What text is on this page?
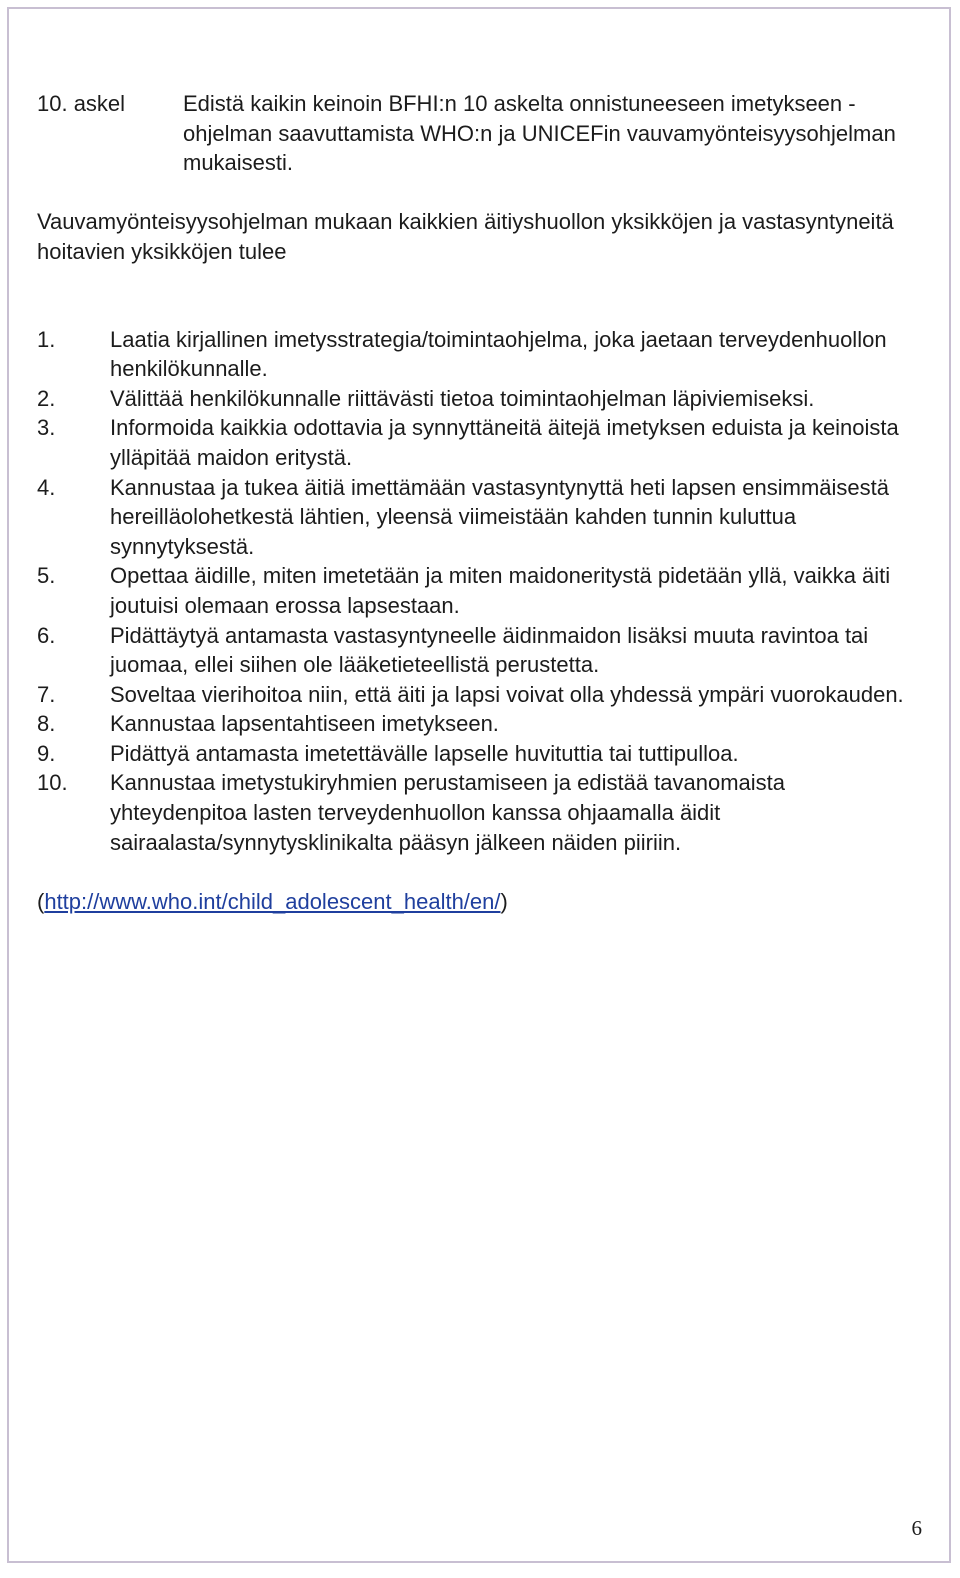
10. askel	Edistä kaikin keinoin BFHI:n 10 askelta onnistuneeseen imetykseen -ohjelman saavuttamista WHO:n ja UNICEFin vauvamyönteisyysohjelman mukaisesti.
Vauvamyönteisyysohjelman mukaan kaikkien äitiyshuollon yksikköjen ja vastasyntyneitä hoitavien yksikköjen tulee
1.	Laatia kirjallinen imetysstrategia/toimintaohjelma, joka jaetaan terveydenhuollon henkilökunnalle.
2.	Välittää henkilökunnalle riittävästi tietoa toimintaohjelman läpiviemiseksi.
3.	Informoida kaikkia odottavia ja synnyttäneitä äitejä imetyksen eduista ja keinoista ylläpitää maidon eritystä.
4.	Kannustaa ja tukea äitiä imettämään vastasyntynyttä heti lapsen ensimmäisestä hereilläolohetkestä lähtien, yleensä viimeistään kahden tunnin kuluttua synnytyksestä.
5.	Opettaa äidille, miten imetetään ja miten maidoneritystä pidetään yllä, vaikka äiti joutuisi olemaan erossa lapsestaan.
6.	Pidättäytyä antamasta vastasyntyneelle äidinmaidon lisäksi muuta ravintoa tai juomaa, ellei siihen ole lääketieteellistä perustetta.
7.	Soveltaa vierihoitoa niin, että äiti ja lapsi voivat olla yhdessä ympäri vuorokauden.
8.	Kannustaa lapsentahtiseen imetykseen.
9.	Pidättyä antamasta imetettävälle lapselle huvituttia tai tuttipulloa.
10.	Kannustaa imetystukiryhmien perustamiseen ja edistää tavanomaista yhteydenpitoa lasten terveydenhuollon kanssa ohjaamalla äidit sairaalasta/synnytysklinikalta pääsyn jälkeen näiden piiriin.
(http://www.who.int/child_adolescent_health/en/)
6
